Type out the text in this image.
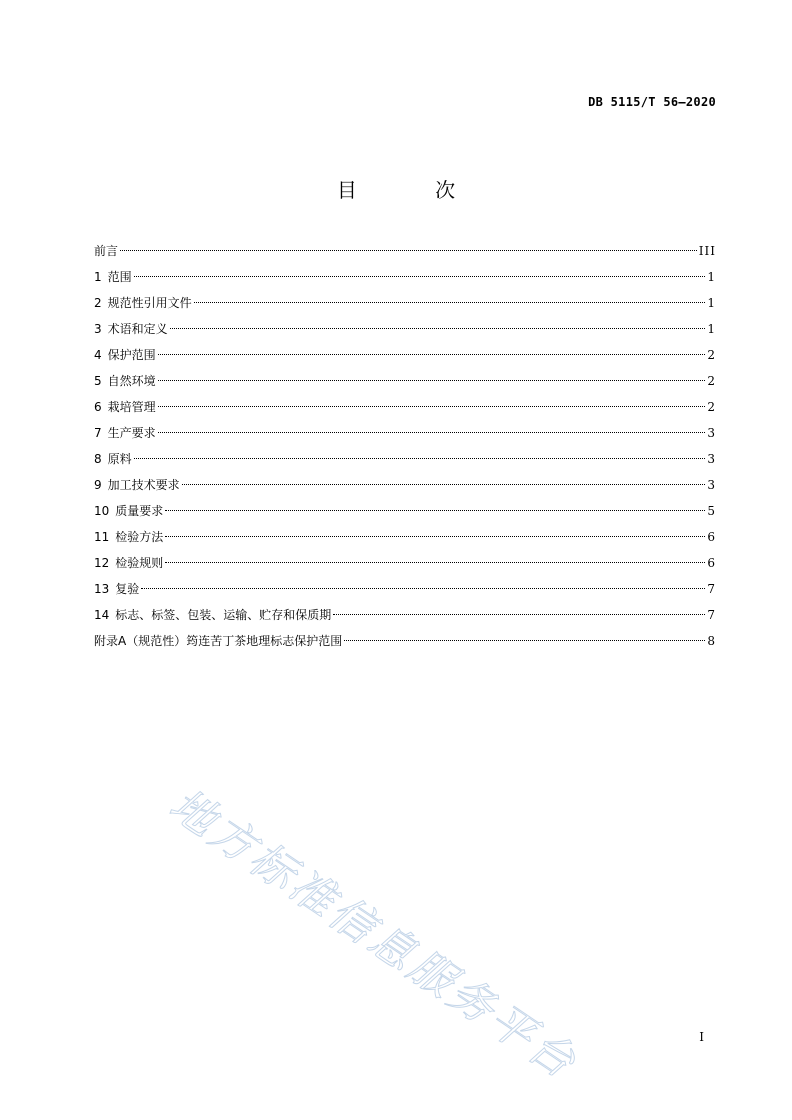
DB 5115/T 56—2020
目 次
前言	III
1 范围	1
2 规范性引用文件	1
3 术语和定义	1
4 保护范围	2
5 自然环境	2
6 栽培管理	2
7 生产要求	3
8 原料	3
9 加工技术要求	3
10 质量要求	5
11 检验方法	6
12 检验规则	6
13 复验	7
14 标志、标签、包装、运输、贮存和保质期	7
附录A（规范性）筠连苦丁茶地理标志保护范围	8
地方标准信息服务平台	I
